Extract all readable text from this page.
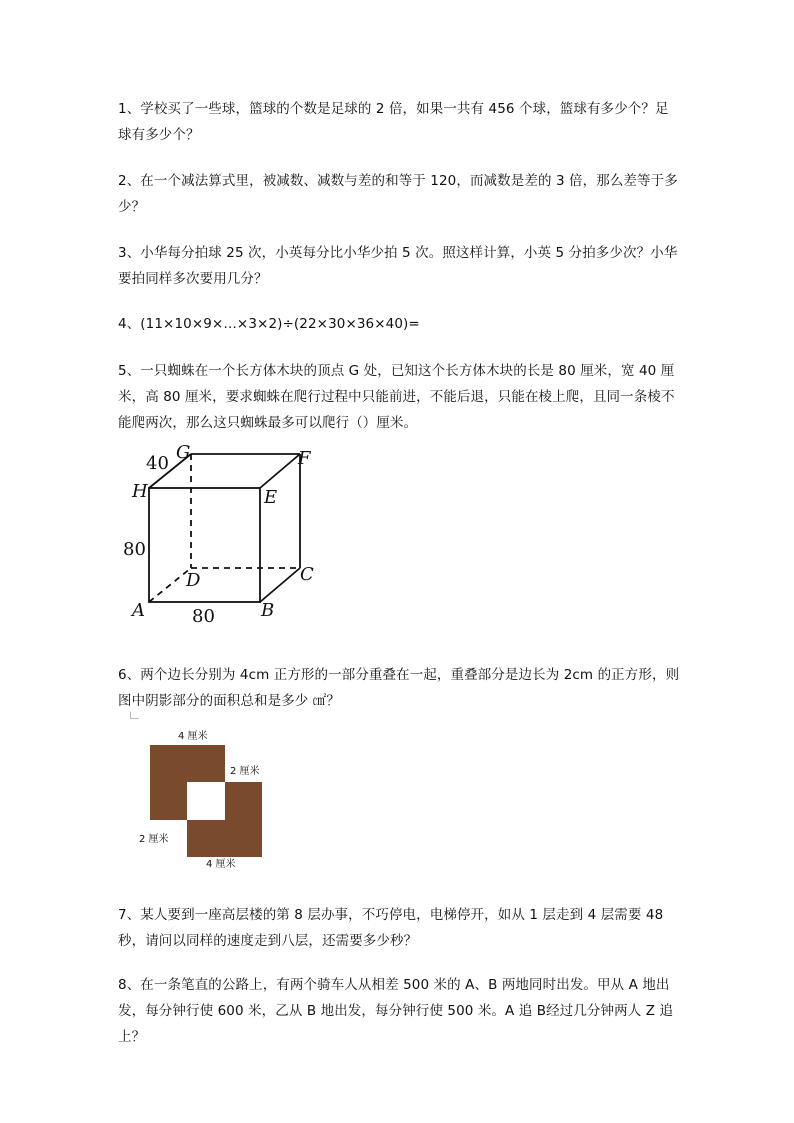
1、学校买了一些球，篮球的个数是足球的 2 倍，如果一共有 456 个球，篮球有多少个？足球有多少个？

2、在一个减法算式里，被减数、减数与差的和等于 120，而减数是差的 3 倍，那么差等于多少？

3、小华每分拍球 25 次，小英每分比小华少拍 5 次。照这样计算，小英 5 分拍多少次？小华要拍同样多次要用几分？

4、(11×10×9×…×3×2)÷(22×30×36×40)=

5、一只蜘蛛在一个长方体木块的顶点 G 处，已知这个长方体木块的长是 80 厘米，宽 40 厘米，高 80 厘米，要求蜘蛛在爬行过程中只能前进，不能后退，只能在棱上爬，且同一条棱不能爬两次，那么这只蜘蛛最多可以爬行（）厘米。

G	F
H	E
C
D
A	B
40
80
80

6、两个边长分别为 4cm 正方形的一部分重叠在一起，重叠部分是边长为 2cm 的正方形，则图中阴影部分的面积总和是多少 ㎠？

4 厘米
2 厘米
2 厘米
4 厘米

7、某人要到一座高层楼的第 8 层办事，不巧停电，电梯停开，如从 1 层走到 4 层需要 48 秒，请问以同样的速度走到八层，还需要多少秒？

8、在一条笔直的公路上，有两个骑车人从相差 500 米的 A、B 两地同时出发。甲从 A 地出发，每分钟行使 600 米，乙从 B 地出发，每分钟行使 500 米。A 追 B经过几分钟两人 Z 追上？
